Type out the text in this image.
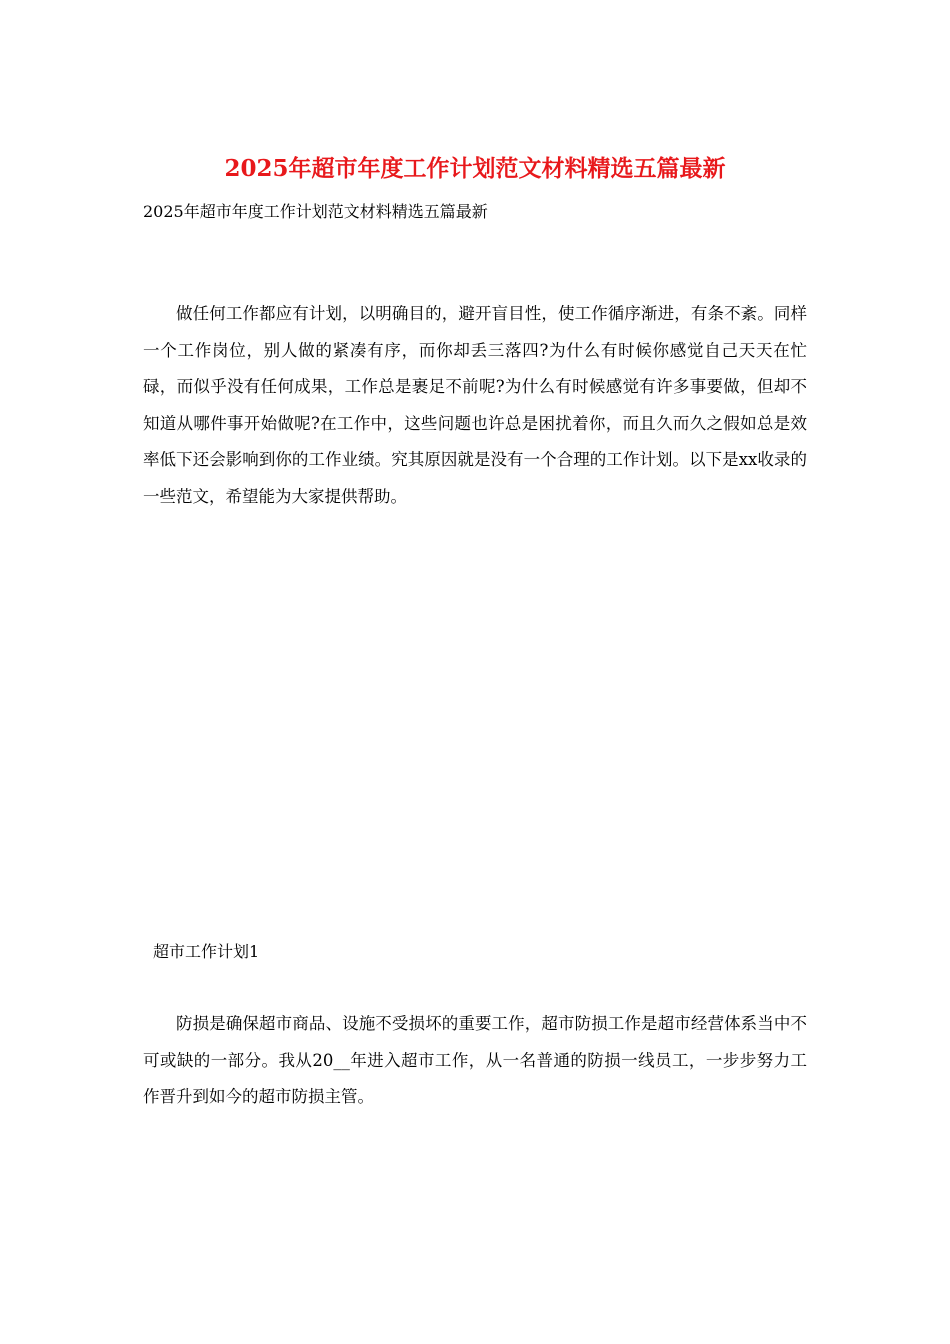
2025年超市年度工作计划范文材料精选五篇最新

2025年超市年度工作计划范文材料精选五篇最新

做任何工作都应有计划，以明确目的，避开盲目性，使工作循序渐进，有条不紊。同样一个工作岗位，别人做的紧凑有序，而你却丢三落四?为什么有时候你感觉自己天天在忙碌，而似乎没有任何成果，工作总是裹足不前呢?为什么有时候感觉有许多事要做，但却不知道从哪件事开始做呢?在工作中，这些问题也许总是困扰着你，而且久而久之假如总是效率低下还会影响到你的工作业绩。究其原因就是没有一个合理的工作计划。以下是xx收录的一些范文，希望能为大家提供帮助。

超市工作计划1

防损是确保超市商品、设施不受损坏的重要工作，超市防损工作是超市经营体系当中不可或缺的一部分。我从20__年进入超市工作，从一名普通的防损一线员工，一步步努力工作晋升到如今的超市防损主管。
